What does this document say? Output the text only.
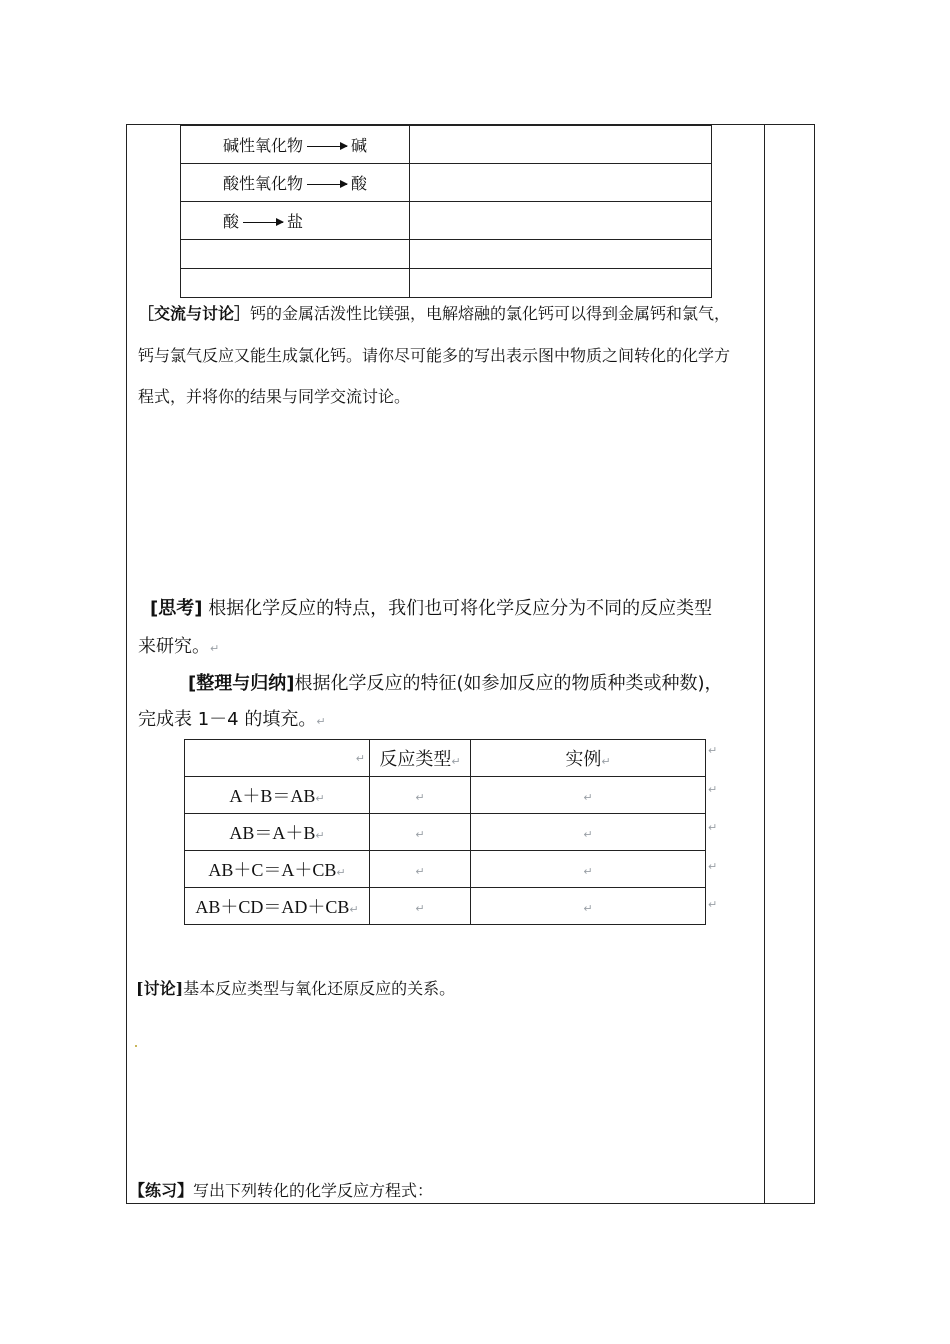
碱性氧化物 碱	
酸性氧化物 酸	
酸 盐	

［交流与讨论］钙的金属活泼性比镁强，电解熔融的氯化钙可以得到金属钙和氯气，
钙与氯气反应又能生成氯化钙。请你尽可能多的写出表示图中物质之间转化的化学方
程式，并将你的结果与同学交流讨论。
[思考] 根据化学反应的特点，我们也可将化学反应分为不同的反应类型
来研究。↵
[整理与归纳]根据化学反应的特征(如参加反应的物质种类或种数)，
完成表 1－4 的填充。↵
↵	反应类型↵	实例↵
A＋B＝AB↵	↵	↵
AB＝A＋B↵	↵	↵
AB＋C＝A＋CB↵	↵	↵
AB＋CD＝AD＋CB↵	↵	↵
↵
↵
↵
↵
↵
[讨论]基本反应类型与氧化还原反应的关系。
【练习】写出下列转化的化学反应方程式：
